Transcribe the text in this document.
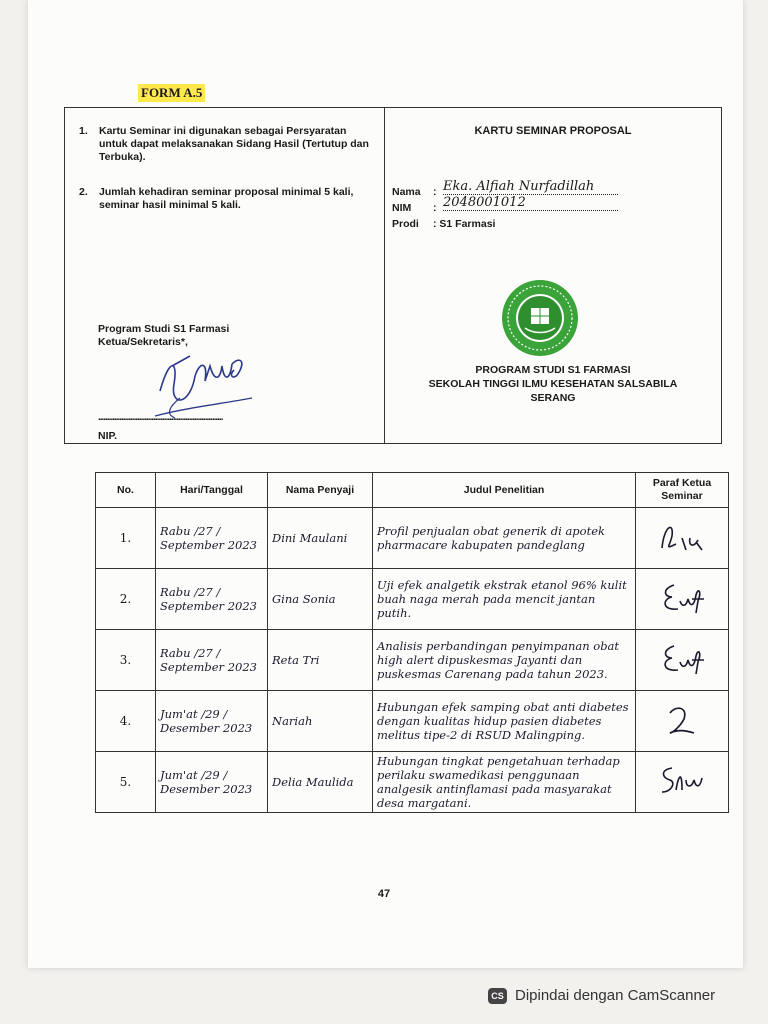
FORM A.5
1. Kartu Seminar ini digunakan sebagai Persyaratan untuk dapat melaksanakan Sidang Hasil (Tertutup dan Terbuka).
2. Jumlah kehadiran seminar proposal minimal 5 kali, seminar hasil minimal 5 kali.
Program Studi S1 Farmasi
Ketua/Sekretaris*,
......................................................................
NIP.
KARTU SEMINAR PROPOSAL
Nama : Eka. Alfiah Nurfadillah
NIM : 2048001012
Prodi : S1 Farmasi
PROGRAM STUDI S1 FARMASI
SEKOLAH TINGGI ILMU KESEHATAN SALSABILA
SERANG
No.	Hari/Tanggal	Nama Penyaji	Judul Penelitian	Paraf Ketua Seminar
1.	Rabu /27 / September 2023	Dini Maulani	Profil penjualan obat generik di apotek pharmacare kabupaten pandeglang

2.	Rabu /27 / September 2023	Gina Sonia	Uji efek analgetik ekstrak etanol 96% kulit buah naga merah pada mencit jantan putih.

3.	Rabu /27 / September 2023	Reta Tri	Analisis perbandingan penyimpanan obat high alert dipuskesmas Jayanti dan puskesmas Carenang pada tahun 2023.

4.	Jum'at /29 / Desember 2023	Nariah	Hubungan efek samping obat anti diabetes dengan kualitas hidup pasien diabetes melitus tipe-2 di RSUD Malingping.

5.	Jum'at /29 / Desember 2023	Delia Maulida	Hubungan tingkat pengetahuan terhadap perilaku swamedikasi penggunaan analgesik antinflamasi pada masyarakat desa margatani.

47
CS Dipindai dengan CamScanner
